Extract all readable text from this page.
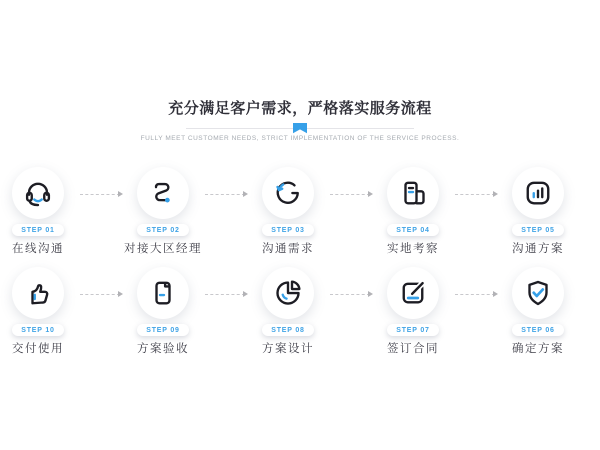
充分满足客户需求，严格落实服务流程
FULLY MEET CUSTOMER NEEDS, STRICT IMPLEMENTATION OF THE SERVICE PROCESS.
STEP 01
在线沟通
STEP 02
对接大区经理
STEP 03
沟通需求
STEP 04
实地考察
STEP 05
沟通方案
STEP 10
交付使用
STEP 09
方案验收
STEP 08
方案设计
STEP 07
签订合同
STEP 06
确定方案
